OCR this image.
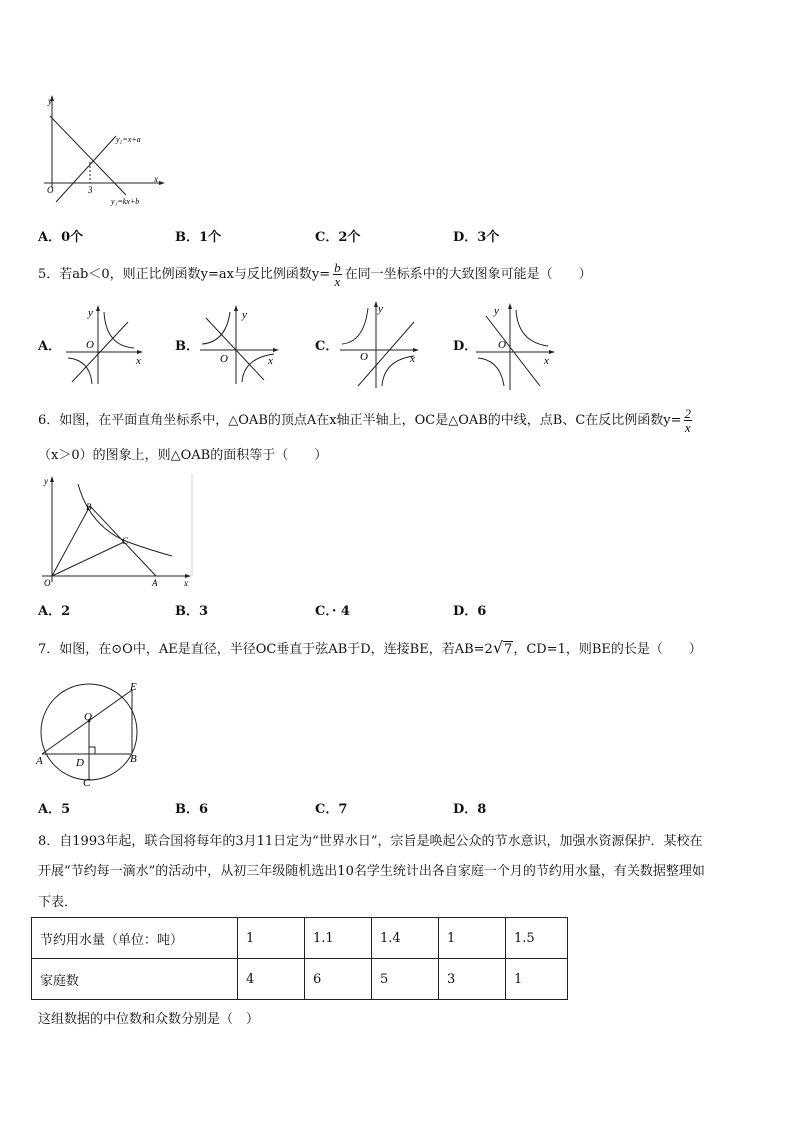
y
x
O	3
y₂=x+a
y₁=kx+b
A．0个	B．1个	C．2个	D．3个
5．若ab＜0，则正比例函数y=ax与反比例函数$y= \frac{b}{x}$ 在同一坐标系中的大致图象可能是（　　）
A．	B．	C．	D．
y
x
O
y
x
O
y
x
O
y
x
O
6．如图，在平面直角坐标系中，△OAB的顶点A在x轴正半轴上，OC是△OAB的中线，点B、C在反比例函数$y= \frac{2}{x}$
（x＞0）的图象上，则△OAB的面积等于（　　）
y
x
O	A
B
C
A．2	B．3	C．· 4	D．6
7．如图，在⊙O中，AE是直径，半径OC垂直于弦AB于D，连接BE，若AB=2√7，CD=1，则BE的长是（　　）
O
E
A	B
D
C
A．5	B．6	C．7	D．8
8．自1993年起，联合国将每年的3月11日定为“世界水日”，宗旨是唤起公众的节水意识，加强水资源保护．某校在
开展“节约每一滴水”的活动中，从初三年级随机选出10名学生统计出各自家庭一个月的节约用水量，有关数据整理如
下表．
节约用水量（单位：吨）	1	1.1	1.4	1	1.5
家庭数	4	6	5	3	1
这组数据的中位数和众数分别是（　）
